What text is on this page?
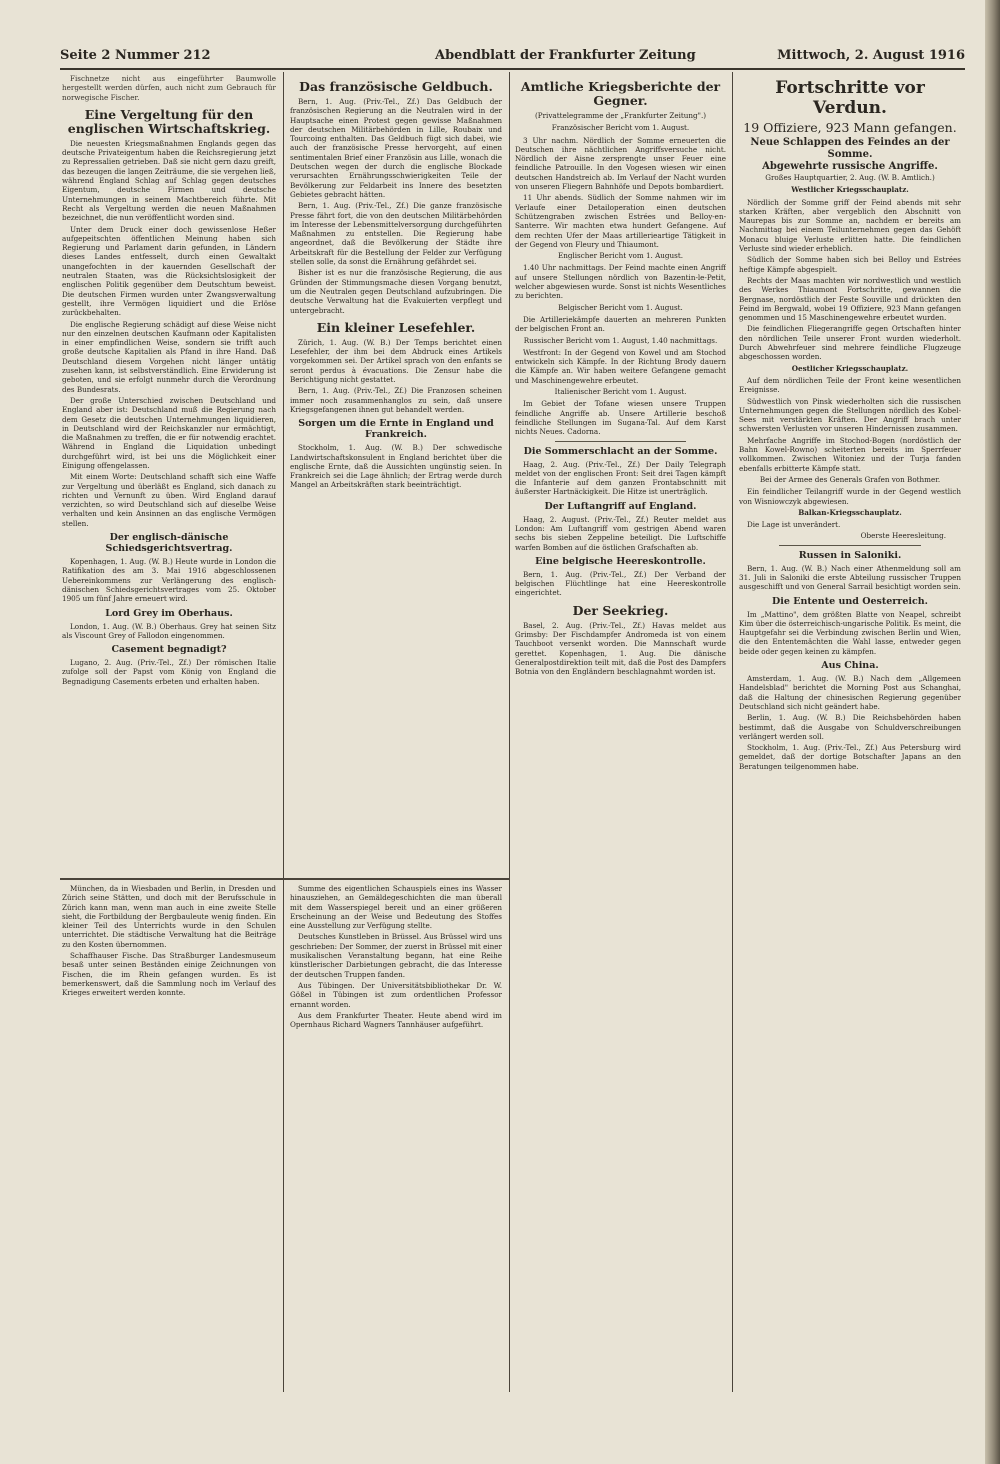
Seite 2 Nummer 212	Abendblatt der Frankfurter Zeitung	Mittwoch, 2. August 1916

Fischnetze nicht aus eingeführter Baumwolle hergestellt werden dürfen, auch nicht zum Gebrauch für norwegische Fischer.

Eine Vergeltung für den englischen Wirtschaftskrieg.

Die neuesten Kriegsmaßnahmen Englands gegen das deutsche Privateigentum haben die Reichsregierung jetzt zu Repressalien getrieben. Daß sie nicht gern dazu greift, das bezeugen die langen Zeiträume, die sie vergehen ließ, während England Schlag auf Schlag gegen deutsches Eigentum, deutsche Firmen und deutsche Unternehmungen in seinem Machtbereich führte. Mit Recht als Vergeltung werden die neuen Maßnahmen bezeichnet, die nun veröffentlicht worden sind.

Unter dem Druck einer doch gewissenlose Heßer aufgepeitschten öffentlichen Meinung haben sich Regierung und Parlament darin gefunden, in Ländern dieses Landes entfesselt, durch einen Gewaltakt unangefochten in der kauernden Gesellschaft der neutralen Staaten, was die Rücksichtslosigkeit der englischen Politik gegenüber dem Deutschtum beweist. Die deutschen Firmen wurden unter Zwangsverwaltung gestellt, ihre Vermögen liquidiert und die Erlöse zurückbehalten.

Die englische Regierung schädigt auf diese Weise nicht nur den einzelnen deutschen Kaufmann oder Kapitalisten in einer empfindlichen Weise, sondern sie trifft auch große deutsche Kapitalien als Pfand in ihre Hand. Daß Deutschland diesem Vorgehen nicht länger untätig zusehen kann, ist selbstverständlich. Eine Erwiderung ist geboten, und sie erfolgt nunmehr durch die Verordnung des Bundesrats.

Der große Unterschied zwischen Deutschland und England aber ist: Deutschland muß die Regierung nach dem Gesetz die deutschen Unternehmungen liquidieren, in Deutschland wird der Reichskanzler nur ermächtigt, die Maßnahmen zu treffen, die er für notwendig erachtet. Während in England die Liquidation unbedingt durchgeführt wird, ist bei uns die Möglichkeit einer Einigung offengelassen.

Mit einem Worte: Deutschland schafft sich eine Waffe zur Vergeltung und überläßt es England, sich danach zu richten und Vernunft zu üben. Wird England darauf verzichten, so wird Deutschland sich auf dieselbe Weise verhalten und kein Ansinnen an das englische Vermögen stellen.

Der englisch-dänische Schiedsgerichtsvertrag.

Kopenhagen, 1. Aug. (W. B.) Heute wurde in London die Ratifikation des am 3. Mai 1916 abgeschlossenen Uebereinkommens zur Verlängerung des englisch-dänischen Schiedsgerichtsvertrages vom 25. Oktober 1905 um fünf Jahre erneuert wird.

Lord Grey im Oberhaus.

London, 1. Aug. (W. B.) Oberhaus. Grey hat seinen Sitz als Viscount Grey of Fallodon eingenommen.

Casement begnadigt?

Lugano, 2. Aug. (Priv.-Tel., Zf.) Der römischen Italie zufolge soll der Papst vom König von England die Begnadigung Casements erbeten und erhalten haben.

Das französische Geldbuch.

Bern, 1. Aug. (Priv.-Tel., Zf.) Das Geldbuch der französischen Regierung an die Neutralen wird in der Hauptsache einen Protest gegen gewisse Maßnahmen der deutschen Militärbehörden in Lille, Roubaix und Tourcoing enthalten. Das Geldbuch fügt sich dabei, wie auch der französische Presse hervorgeht, auf einen sentimentalen Brief einer Französin aus Lille, wonach die Deutschen wegen der durch die englische Blockade verursachten Ernährungsschwierigkeiten Teile der Bevölkerung zur Feldarbeit ins Innere des besetzten Gebietes gebracht hätten.

Bern, 1. Aug. (Priv.-Tel., Zf.) Die ganze französische Presse fährt fort, die von den deutschen Militärbehörden im Interesse der Lebensmittelversorgung durchgeführten Maßnahmen zu entstellen. Die Regierung habe angeordnet, daß die Bevölkerung der Städte ihre Arbeitskraft für die Bestellung der Felder zur Verfügung stellen solle, da sonst die Ernährung gefährdet sei.

Bisher ist es nur die französische Regierung, die aus Gründen der Stimmungsmache diesen Vorgang benutzt, um die Neutralen gegen Deutschland aufzubringen. Die deutsche Verwaltung hat die Evakuierten verpflegt und untergebracht.

Ein kleiner Lesefehler.

Zürich, 1. Aug. (W. B.) Der Temps berichtet einen Lesefehler, der ihm bei dem Abdruck eines Artikels vorgekommen sei. Der Artikel sprach von den enfants se seront perdus à évacuations. Die Zensur habe die Berichtigung nicht gestattet.

Bern, 1. Aug. (Priv.-Tel., Zf.) Die Franzosen scheinen immer noch zusammenhanglos zu sein, daß unsere Kriegsgefangenen ihnen gut behandelt werden.

Sorgen um die Ernte in England und Frankreich.

Stockholm, 1. Aug. (W. B.) Der schwedische Landwirtschaftskonsulent in England berichtet über die englische Ernte, daß die Aussichten ungünstig seien. In Frankreich sei die Lage ähnlich; der Ertrag werde durch Mangel an Arbeitskräften stark beeinträchtigt.

München, da in Wiesbaden und Berlin, in Dresden und Zürich seine Stätten, und doch mit der Berufsschule in Zürich kann man, wenn man auch in eine zweite Stelle sieht, die Fortbildung der Bergbauleute wenig finden. Ein kleiner Teil des Unterrichts wurde in den Schulen unterrichtet. Die städtische Verwaltung hat die Beiträge zu den Kosten übernommen.

Schaffhauser Fische. Das Straßburger Landesmuseum besaß unter seinen Beständen einige Zeichnungen von Fischen, die im Rhein gefangen wurden. Es ist bemerkenswert, daß die Sammlung noch im Verlauf des Krieges erweitert werden konnte.

Summe des eigentlichen Schauspiels eines ins Wasser hinausziehen, an Gemäldegeschichten die man überall mit dem Wasserspiegel bereit und an einer größeren Erscheinung an der Weise und Bedeutung des Stoffes eine Ausstellung zur Verfügung stellte.

Deutsches Kunstleben in Brüssel. Aus Brüssel wird uns geschrieben: Der Sommer, der zuerst in Brüssel mit einer musikalischen Veranstaltung begann, hat eine Reihe künstlerischer Darbietungen gebracht, die das Interesse der deutschen Truppen fanden.

Aus Tübingen. Der Universitätsbibliothekar Dr. W. Gößel in Tübingen ist zum ordentlichen Professor ernannt worden.

Aus dem Frankfurter Theater. Heute abend wird im Opernhaus Richard Wagners Tannhäuser aufgeführt.

Amtliche Kriegsberichte der Gegner.
(Privattelegramme der „Frankfurter Zeitung".)
Französischer Bericht vom 1. August.

3 Uhr nachm. Nördlich der Somme erneuerten die Deutschen ihre nächtlichen Angriffsversuche nicht. Nördlich der Aisne zersprengte unser Feuer eine feindliche Patrouille. In den Vogesen wiesen wir einen deutschen Handstreich ab. Im Verlauf der Nacht wurden von unseren Fliegern Bahnhöfe und Depots bombardiert.

11 Uhr abends. Südlich der Somme nahmen wir im Verlaufe einer Detailoperation einen deutschen Schützengraben zwischen Estrées und Belloy-en-Santerre. Wir machten etwa hundert Gefangene. Auf dem rechten Ufer der Maas artillerieartige Tätigkeit in der Gegend von Fleury und Thiaumont.

Englischer Bericht vom 1. August.

1.40 Uhr nachmittags. Der Feind machte einen Angriff auf unsere Stellungen nördlich von Bazentin-le-Petit, welcher abgewiesen wurde. Sonst ist nichts Wesentliches zu berichten.

Belgischer Bericht vom 1. August.

Die Artilleriekämpfe dauerten an mehreren Punkten der belgischen Front an.

Russischer Bericht vom 1. August, 1.40 nachmittags.

Westfront: In der Gegend von Kowel und am Stochod entwickeln sich Kämpfe. In der Richtung Brody dauern die Kämpfe an. Wir haben weitere Gefangene gemacht und Maschinengewehre erbeutet.

Italienischer Bericht vom 1. August.

Im Gebiet der Tofane wiesen unsere Truppen feindliche Angriffe ab. Unsere Artillerie beschoß feindliche Stellungen im Sugana-Tal. Auf dem Karst nichts Neues. Cadorna.

Die Sommerschlacht an der Somme.

Haag, 2. Aug. (Priv.-Tel., Zf.) Der Daily Telegraph meldet von der englischen Front: Seit drei Tagen kämpft die Infanterie auf dem ganzen Frontabschnitt mit äußerster Hartnäckigkeit. Die Hitze ist unerträglich.

Der Luftangriff auf England.

Haag, 2. August. (Priv.-Tel., Zf.) Reuter meldet aus London: Am Luftangriff vom gestrigen Abend waren sechs bis sieben Zeppeline beteiligt. Die Luftschiffe warfen Bomben auf die östlichen Grafschaften ab.

Eine belgische Heereskontrolle.

Bern, 1. Aug. (Priv.-Tel., Zf.) Der Verband der belgischen Flüchtlinge hat eine Heereskontrolle eingerichtet.

Der Seekrieg.

Basel, 2. Aug. (Priv.-Tel., Zf.) Havas meldet aus Grimsby: Der Fischdampfer Andromeda ist von einem Tauchboot versenkt worden. Die Mannschaft wurde gerettet. Kopenhagen, 1. Aug. Die dänische Generalpostdirektion teilt mit, daß die Post des Dampfers Botnia von den Engländern beschlagnahmt worden ist.

Fortschritte vor Verdun.
19 Offiziere, 923 Mann gefangen.
Neue Schlappen des Feindes an der Somme.
Abgewehrte russische Angriffe.
Großes Hauptquartier, 2. Aug. (W. B. Amtlich.)
Westlicher Kriegsschauplatz.

Nördlich der Somme griff der Feind abends mit sehr starken Kräften, aber vergeblich den Abschnitt von Maurepas bis zur Somme an, nachdem er bereits am Nachmittag bei einem Teilunternehmen gegen das Gehöft Monacu bluige Verluste erlitten hatte. Die feindlichen Verluste sind wieder erheblich.

Südlich der Somme haben sich bei Belloy und Estrées heftige Kämpfe abgespielt.

Rechts der Maas machten wir nordwestlich und westlich des Werkes Thiaumont Fortschritte, gewannen die Bergnase, nordöstlich der Feste Souville und drückten den Feind im Bergwald, wobei 19 Offiziere, 923 Mann gefangen genommen und 15 Maschinengewehre erbeutet wurden.

Die feindlichen Fliegerangriffe gegen Ortschaften hinter den nördlichen Teile unserer Front wurden wiederholt. Durch Abwehrfeuer sind mehrere feindliche Flugzeuge abgeschossen worden.

Oestlicher Kriegsschauplatz.

Auf dem nördlichen Teile der Front keine wesentlichen Ereignisse.

Südwestlich von Pinsk wiederholten sich die russischen Unternehmungen gegen die Stellungen nördlich des Kobel-Sees mit verstärkten Kräften. Der Angriff brach unter schwersten Verlusten vor unseren Hindernissen zusammen.

Mehrfache Angriffe im Stochod-Bogen (nordöstlich der Bahn Kowel-Rowno) scheiterten bereits im Sperrfeuer vollkommen. Zwischen Witoniez und der Turja fanden ebenfalls erbitterte Kämpfe statt.

Bei der Armee des Generals Grafen von Bothmer.

Ein feindlicher Teilangriff wurde in der Gegend westlich von Wisniowczyk abgewiesen.

Balkan-Kriegsschauplatz.

Die Lage ist unverändert.

Oberste Heeresleitung.
Russen in Saloniki.

Bern, 1. Aug. (W. B.) Nach einer Athenmeldung soll am 31. Juli in Saloniki die erste Abteilung russischer Truppen ausgeschifft und von General Sarrail besichtigt worden sein.

Die Entente und Oesterreich.

Im „Mattino", dem größten Blatte von Neapel, schreibt Kim über die österreichisch-ungarische Politik. Es meint, die Hauptgefahr sei die Verbindung zwischen Berlin und Wien, die den Ententemächten die Wahl lasse, entweder gegen beide oder gegen keinen zu kämpfen.

Aus China.

Amsterdam, 1. Aug. (W. B.) Nach dem „Allgemeen Handelsblad" berichtet die Morning Post aus Schanghai, daß die Haltung der chinesischen Regierung gegenüber Deutschland sich nicht geändert habe.

Berlin, 1. Aug. (W. B.) Die Reichsbehörden haben bestimmt, daß die Ausgabe von Schuldverschreibungen verlängert werden soll.

Stockholm, 1. Aug. (Priv.-Tel., Zf.) Aus Petersburg wird gemeldet, daß der dortige Botschafter Japans an den Beratungen teilgenommen habe.
